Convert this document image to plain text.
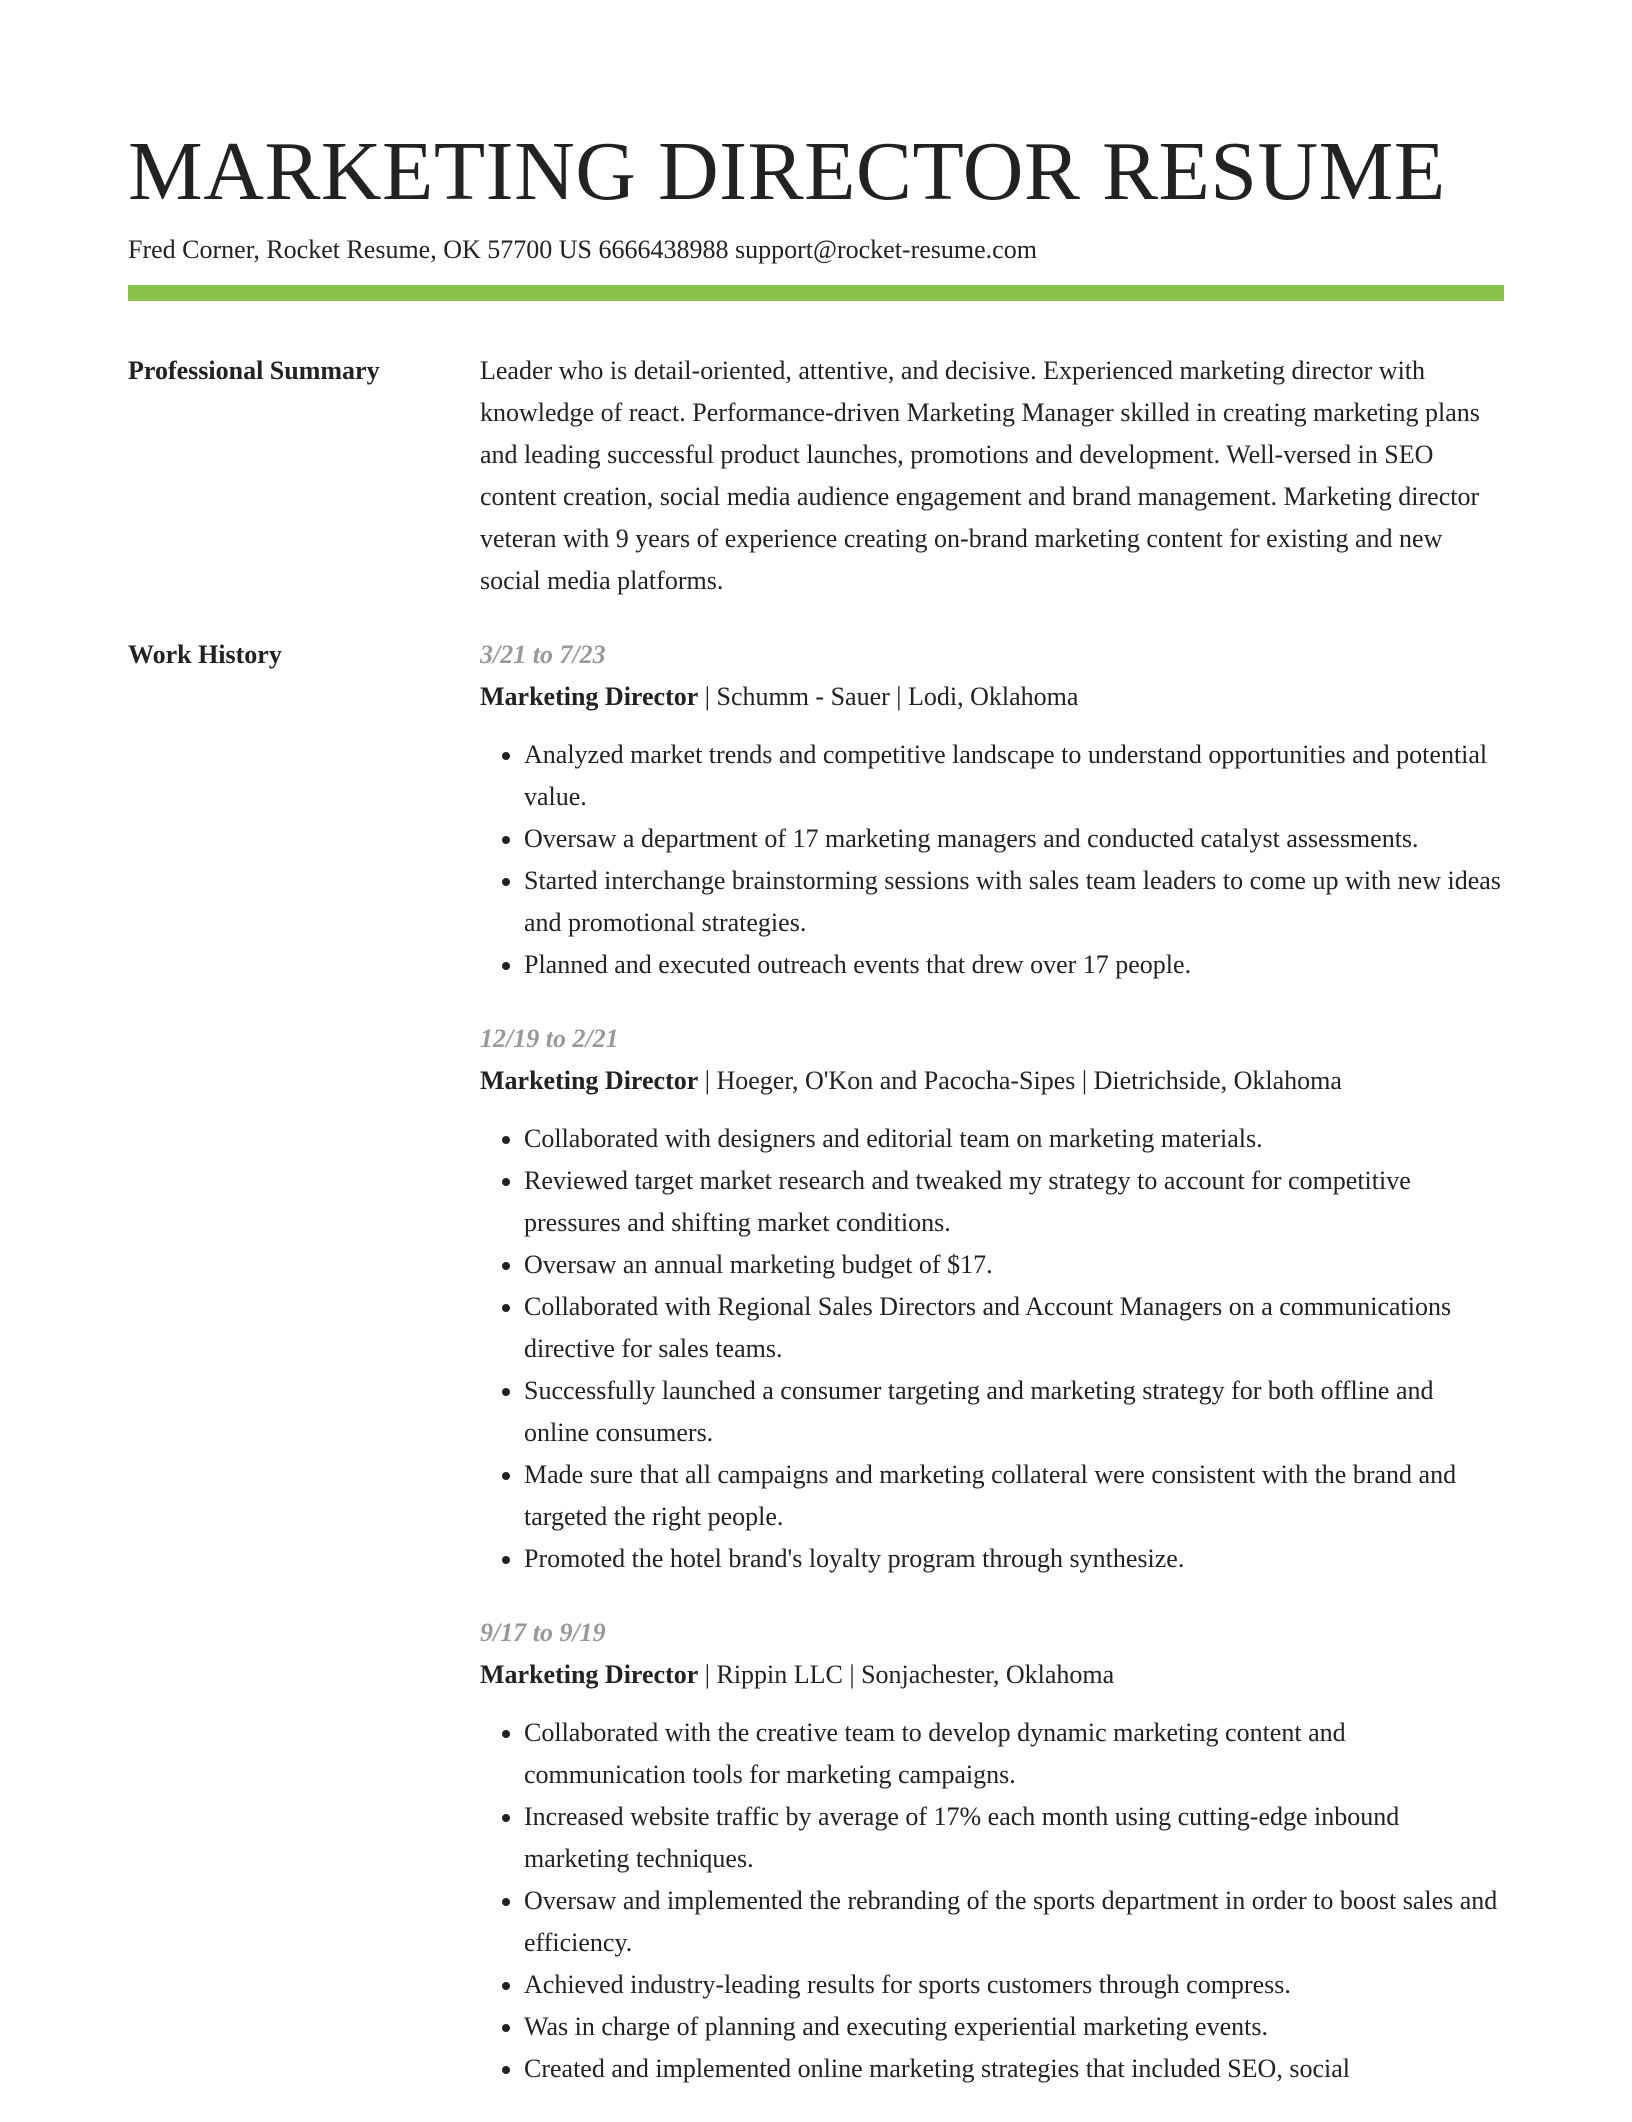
MARKETING DIRECTOR RESUME
Fred Corner, Rocket Resume, OK 57700 US 6666438988 support@rocket-resume.com
Professional Summary	Leader who is detail-oriented, attentive, and decisive. Experienced marketing director with knowledge of react. Performance-driven Marketing Manager skilled in creating marketing plans and leading successful product launches, promotions and development. Well-versed in SEO content creation, social media audience engagement and brand management. Marketing director veteran with 9 years of experience creating on-brand marketing content for existing and new social media platforms.

Work History	3/21 to 7/23
Marketing Director | Schumm - Sauer | Lodi, Oklahoma
• Analyzed market trends and competitive landscape to understand opportunities and potential value.
• Oversaw a department of 17 marketing managers and conducted catalyst assessments.
• Started interchange brainstorming sessions with sales team leaders to come up with new ideas and promotional strategies.
• Planned and executed outreach events that drew over 17 people.
12/19 to 2/21
Marketing Director | Hoeger, O'Kon and Pacocha-Sipes | Dietrichside, Oklahoma
• Collaborated with designers and editorial team on marketing materials.
• Reviewed target market research and tweaked my strategy to account for competitive pressures and shifting market conditions.
• Oversaw an annual marketing budget of $17.
• Collaborated with Regional Sales Directors and Account Managers on a communications directive for sales teams.
• Successfully launched a consumer targeting and marketing strategy for both offline and online consumers.
• Made sure that all campaigns and marketing collateral were consistent with the brand and targeted the right people.
• Promoted the hotel brand's loyalty program through synthesize.
9/17 to 9/19
Marketing Director | Rippin LLC | Sonjachester, Oklahoma
• Collaborated with the creative team to develop dynamic marketing content and communication tools for marketing campaigns.
• Increased website traffic by average of 17% each month using cutting-edge inbound marketing techniques.
• Oversaw and implemented the rebranding of the sports department in order to boost sales and efficiency.
• Achieved industry-leading results for sports customers through compress.
• Was in charge of planning and executing experiential marketing events.
• Created and implemented online marketing strategies that included SEO, social
